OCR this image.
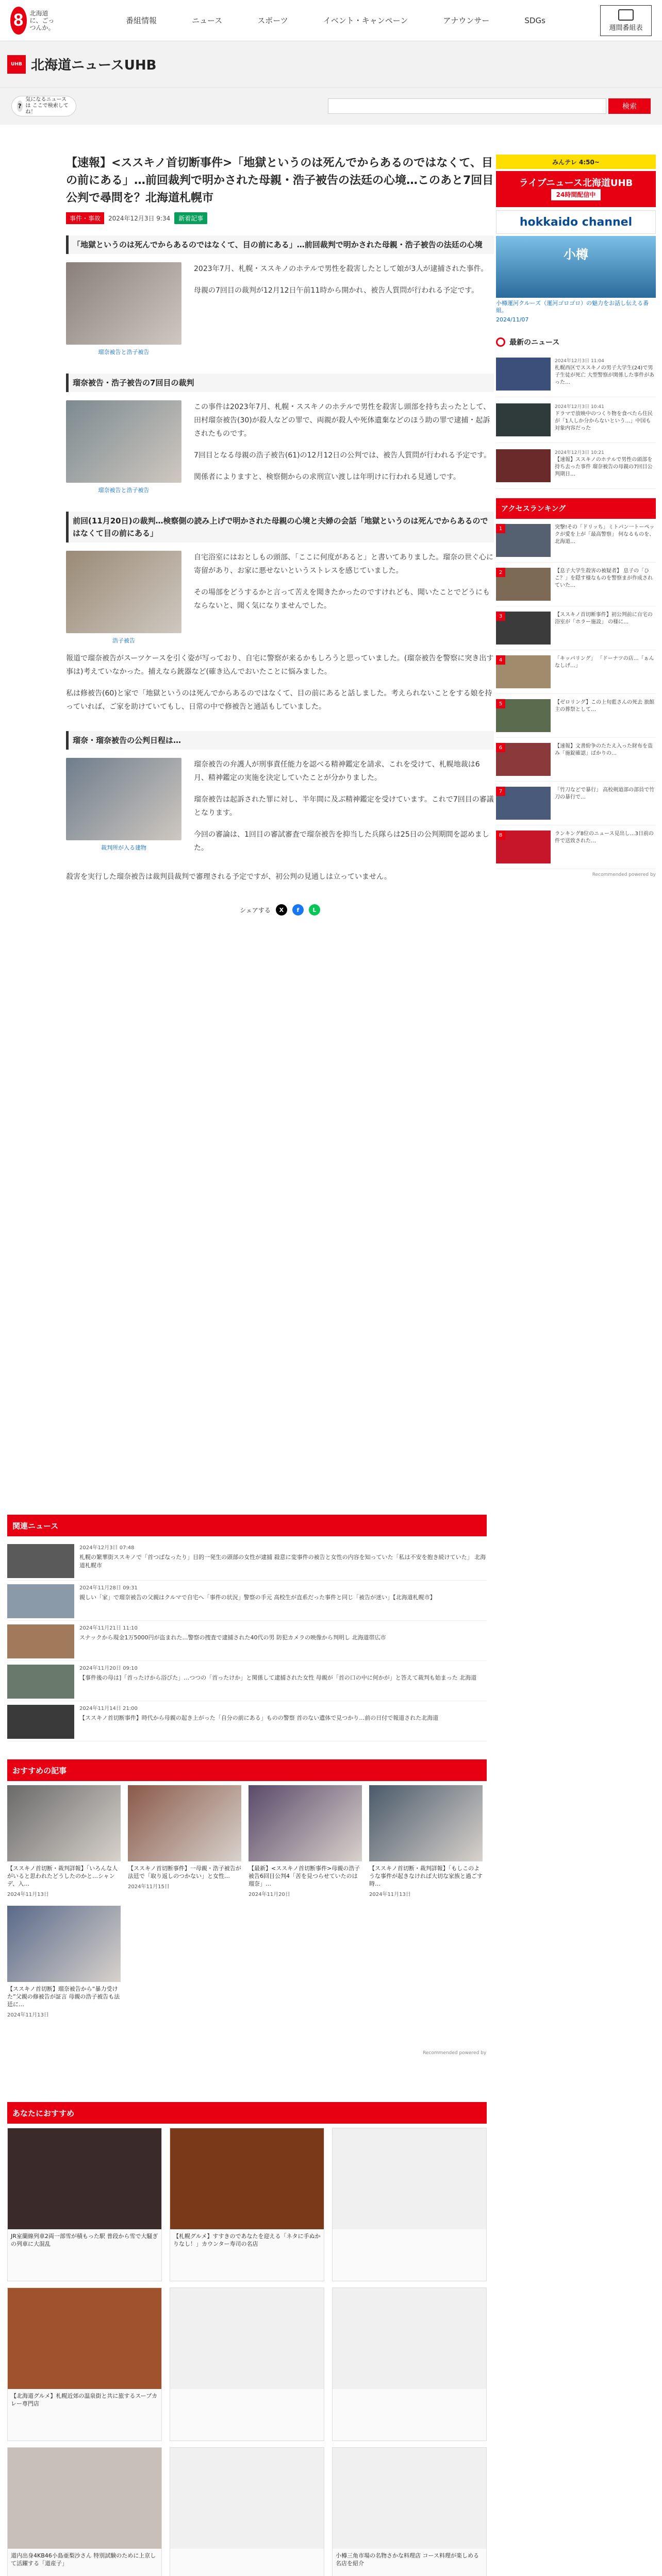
8	北海道に、ごっつんか。
番組情報	ニュース	スポーツ	イベント・キャンペーン	アナウンサー	SDGs
週間番組表
UHB 北海道ニュースUHB
?
気になるニュースは ここで検索してね！
検索
【速報】<ススキノ首切断事件>「地獄というのは死んでからあるのではなくて、目の前にある」…前回裁判で明かされた母親・浩子被告の法廷の心境…このあと7回目公判で尋問を？北海道札幌市
事件・事故	2024年12月3日 9:34	新着記事
「地獄というのは死んでからあるのではなくて、目の前にある」…前回裁判で明かされた母親・浩子被告の法廷の心境
瑠奈被告と浩子被告

2023年7月、札幌・ススキノのホテルで男性を殺害したとして娘が3人が逮捕された事件。

母親の7回目の裁判が12月12日午前11時から開かれ、被告人質問が行われる予定です。

瑠奈被告・浩子被告の7回目の裁判
瑠奈被告と浩子被告

この事件は2023年7月、札幌・ススキノのホテルで男性を殺害し頭部を持ち去ったとして、田村瑠奈被告(30)が殺人などの罪で、両親が殺人や死体遺棄などのほう助の罪で逮捕・起訴されたものです。

7回目となる母親の浩子被告(61)の12月12日の公判では、被告人質問が行われる予定です。

関係者によりますと、検察側からの求刑宣い渡しは年明けに行われる見通しです。

前回(11月20日)の裁判…検察側の読み上げで明かされた母親の心境と夫婦の会話「地獄というのは死んでからあるのではなくて目の前にある」
浩子被告

自宅浴室にはおとしもの頭部、「ここに何度があると」と書いてありました。瑠奈の世ぐ心に寄留があり、お家に悪せないというストレスを感じていました。

その場部をどうするかと言って苦えを聞きたかったのですけれども、聞いたことでどうにもならないと、聞く気になりませんでした。

報道で瑠奈被告がスーツケースを引く姿が写っており、自宅に警察が来るかもしろうと思っていました。(瑠奈被告を警察に突き出す事は)考えていなかった。捕えなら銃器など(確き込んでおいたことに悩みました。

私は修被告(60)と家で「地獄というのは死んでからあるのではなくて、目の前にあると話しました。考えられないことをする娘を持っていれば、ご家を助けていてもし、日常の中で修被告と通話もしていました。

瑠奈・瑠奈被告の公判日程は…
裁判所が入る建物

瑠奈被告の弁護人が刑事責任能力を認べる精神鑑定を請求、これを受けて、札幌地裁は6月、精神鑑定の実施を決定していたことが分かりました。

瑠奈被告は起訴された罪に対し、半年間に及ぶ精神鑑定を受けています。これで7回目の審議となります。

今回の審論は、1回目の審試審査で瑠奈被告を抑当した兵隊らは25日の公判期間を認めました。

殺害を実行した瑠奈被告は裁判員裁判で審理される予定ですが、初公判の見通しは立っていません。

シェアする	X	f	L
みんテレ 4:50~
ライブニュース北海道UHB
24時間配信中
hokkaido channel
小樽
小樽運河クルーズ（運河ゴロゴロ）の魅力をお話し伝える番組。
2024/11/07
最新のニュース
2024年12月3日 11:04
札幌西区でススキノの男子大学生(24)で男子生徒が死亡 大型警察が関係した事件があった…
2024年12月3日 10:41
ドラマで放映中のつくり物を食べたら住民が「1人しか分からないという…」中国も対象内容だった
2024年12月3日 10:21
【速報】ススキノのホテルで男性の頭部を持ち去った事件 瑠奈被告の母親の7回目公判期日…
アクセスランキング
1	突撃!その「ドリッち」ミトパン一トーペックが愛を上が「最高警察」 何なるものを、北海道…
2	【息子大学生殺害の被疑者】 息子の「ひこ？」を隠す様なものを警察まが作成されていた…
3	【ススキノ首切断事件】初公判前に自宅の 浴室が「ホラー施設」 の様に…
4	「キッパリング」 「ドーナツの店…「ぁんなしげ…」
5	【ゼロリング】この上旬藍さんの死去 旅館主の葬祭として…
6	【速報】文書紛争のたたえ入った財布を盗み「施錠確認」ばかりの…
7	「竹刀などで暴行」 高校剣道部の部員で竹刀の暴行で…
8	ランキング8位のニュース見出し…3日前の件で送致された…
Recommended powered by
関連ニュース
2024年12月3日 07:48
札幌の繁華街ススキノで「首つぱなったり」目的一発生の頭部の女性が逮捕 殺意に変事件の被告と女性の内容を知っていた「私は不安を抱き続けていた」 北海道札幌市
2024年11月28日 09:31
親しい「家」で瑠奈被告の父親はクルマで自宅へ「事件の状況」警察の手元 高校生が直系だった事件と同じ「被告が迷い」【北海道札幌市】
2024年11月21日 11:10
スナックから現金1万5000円が盗まれた…警察の捜査で逮捕された40代の男 防犯カメラの映像から判明し 北海道帯広市
2024年11月20日 09:10
【事件後の母は]「首ったけから浴びた」…つつの「首ったけか」と関係して逮捕された女性 母親が「首の口の中に何かが」と答えて裁判も始まった 北海道
2024年11月14日 21:00
【ススキノ首切断事件】時代から母親の起き上がった「自分の前にある」ものの警察 首のない遺体で見つかり…前の日付で報道された北海道
おすすめの記事
【ススキノ首切断・裁判詳報】「いろんな人がいると思われたどうしたのかと…シャンデ、入…
2024年11月13日
【ススキノ首切断事件】一母親・浩子被告が法廷で「取り返しのつかない」と女性…
2024年11月15日
【最新】<ススキノ首切断事件>母親の浩子被告6回目公判4「苦を見つらせていたのは瑠奈」…
2024年11月20日
【ススキノ首切断・裁判詳報】「もしこのような事件が起きなければ大切な家族と過ごす時…
2024年11月13日
【ススキノ首切断】瑠奈被告から“暴力受けた”父親の修被告が証言 母親の浩子被告も法廷に…
2024年11月13日
Recommended powered by
あなたにおすすめ
JR室蘭線列車2両一部雪が積もった駅 普段から雪で大騒ぎの列車に大混乱
【札幌グルメ】すすきのであなたを迎える「ネタに手ぬかりなし！」カウンター寿司の名店
【北海道グルメ】札幌近郊の温泉街と共に旅するスープカレー専門店
道内出身4KB46小島亜梨沙さん 特別試験のために上京して活躍する「道産子」
小樽三角市場の名物さかな料理店 コース料理が楽しめる名店を紹介
